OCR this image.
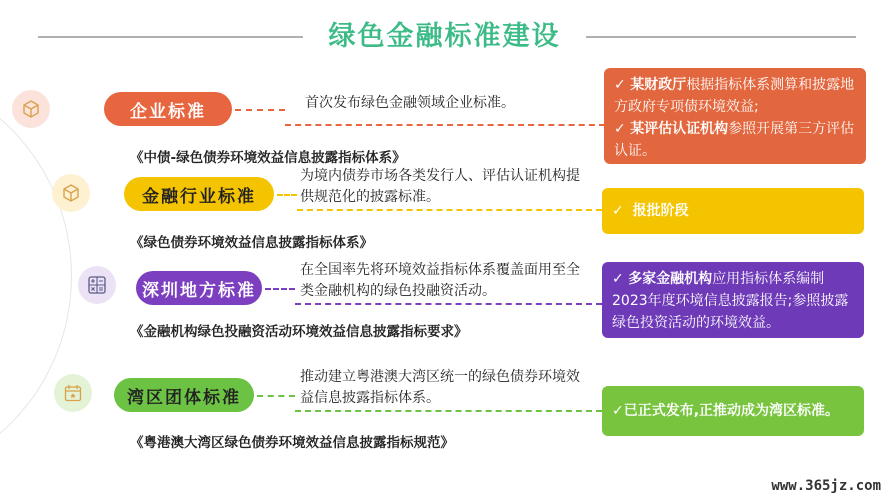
绿色金融标准建设
企业标准	首次发布绿色金融领域企业标准。
《中债-绿色债券环境效益信息披露指标体系》
✓ 某财政厅根据指标体系测算和披露地方政府专项债环境效益;
✓ 某评估认证机构参照开展第三方评估认证。
金融行业标准
为境内债券市场各类发行人、评估认证机构提供规范化的披露标准。
《绿色债券环境效益信息披露指标体系》
✓  报批阶段
深圳地方标准
在全国率先将环境效益指标体系覆盖面用至全类金融机构的绿色投融资活动。
《金融机构绿色投融资活动环境效益信息披露指标要求》
✓ 多家金融机构应用指标体系编制2023年度环境信息披露报告;参照披露绿色投资活动的环境效益。
湾区团体标准
推动建立粤港澳大湾区统一的绿色债券环境效益信息披露指标体系。
《粤港澳大湾区绿色债券环境效益信息披露指标规范》
✓已正式发布,正推动成为湾区标准。
www.365jz.com
